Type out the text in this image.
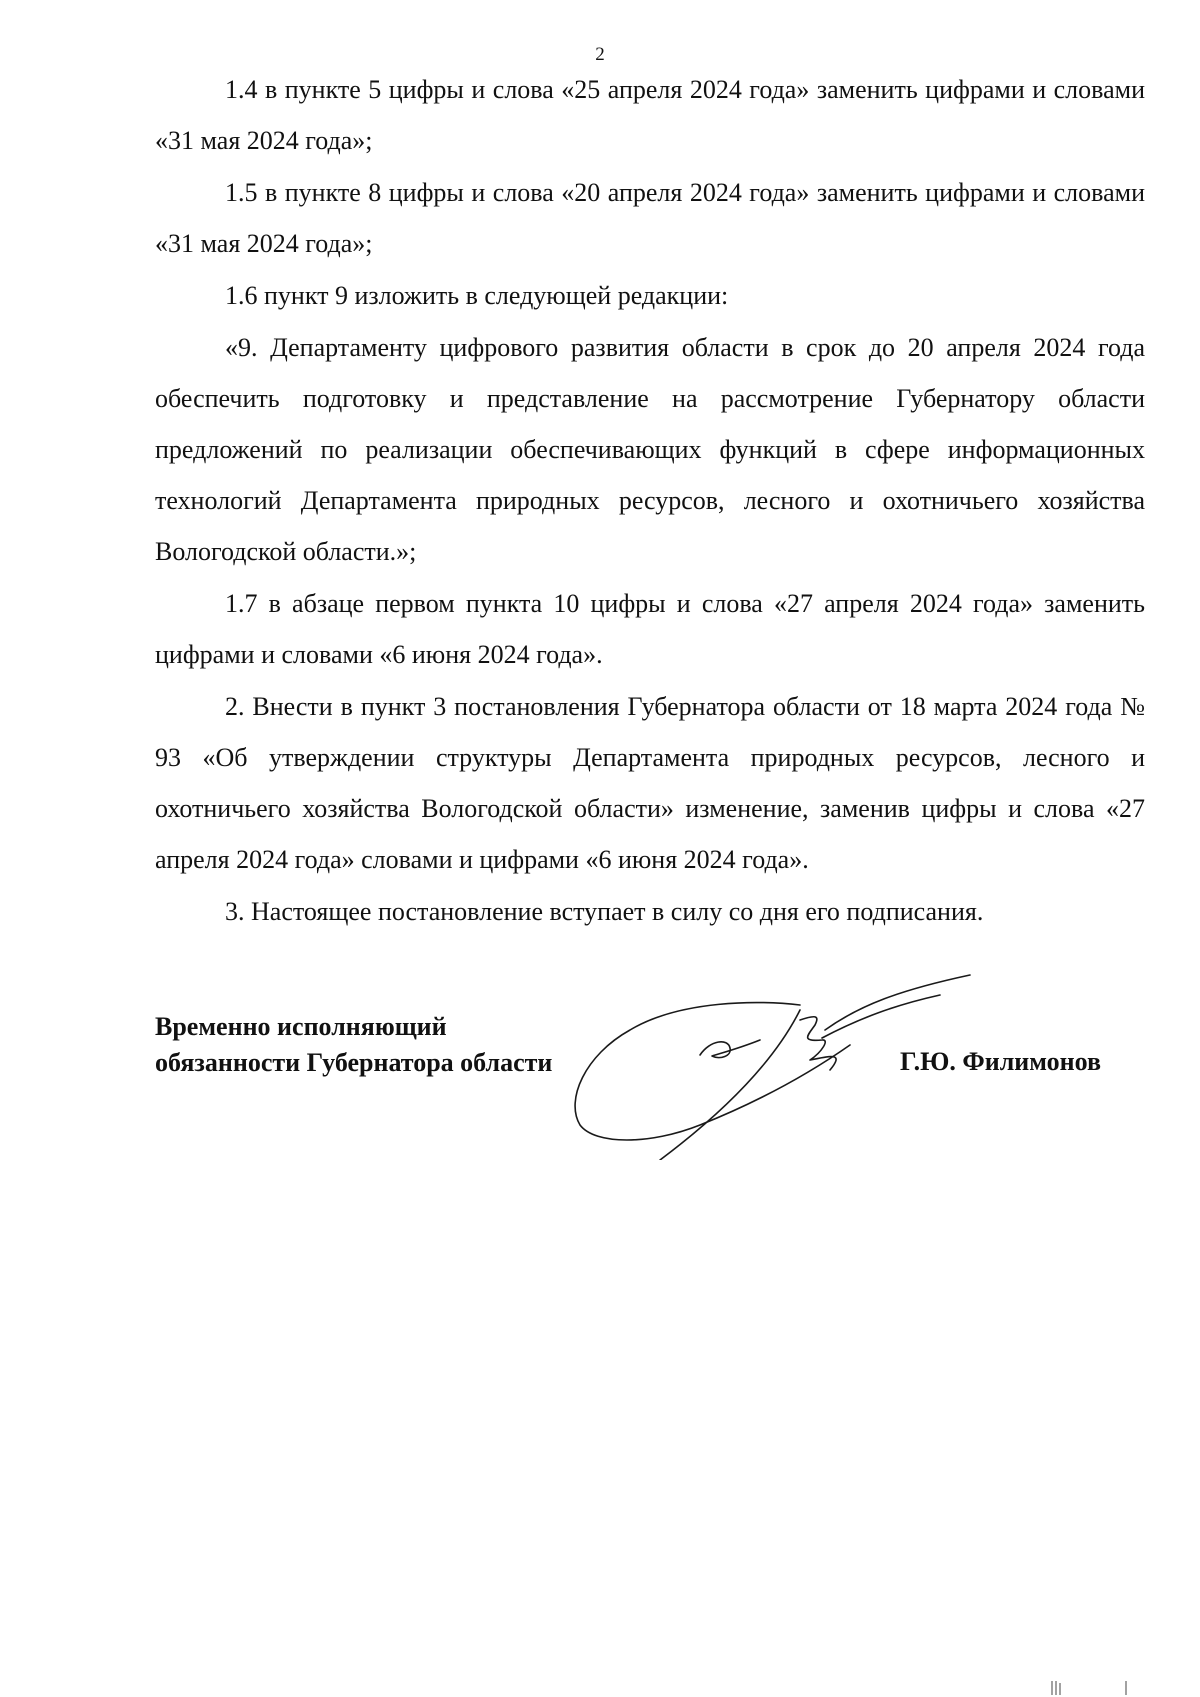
2

1.4 в пункте 5 цифры и слова «25 апреля 2024 года» заменить цифрами и словами «31 мая 2024 года»;

1.5 в пункте 8 цифры и слова «20 апреля 2024 года» заменить цифрами и словами «31 мая 2024 года»;

1.6 пункт 9 изложить в следующей редакции:

«9. Департаменту цифрового развития области в срок до 20 апреля 2024 года обеспечить подготовку и представление на рассмотрение Губернатору области предложений по реализации обеспечивающих функций в сфере информационных технологий Департамента природных ресурсов, лесного и охотничьего хозяйства Вологодской области.»;

1.7 в абзаце первом пункта 10 цифры и слова «27 апреля 2024 года» заменить цифрами и словами «6 июня 2024 года».

2. Внести в пункт 3 постановления Губернатора области от 18 марта 2024 года № 93 «Об утверждении структуры Департамента природных ресурсов, лесного и охотничьего хозяйства Вологодской области» изменение, заменив цифры и слова «27 апреля 2024 года» словами и цифрами «6 июня 2024 года».

3. Настоящее постановление вступает в силу со дня его подписания.

Временно исполняющий
обязанности Губернатора области	Г.Ю. Филимонов
